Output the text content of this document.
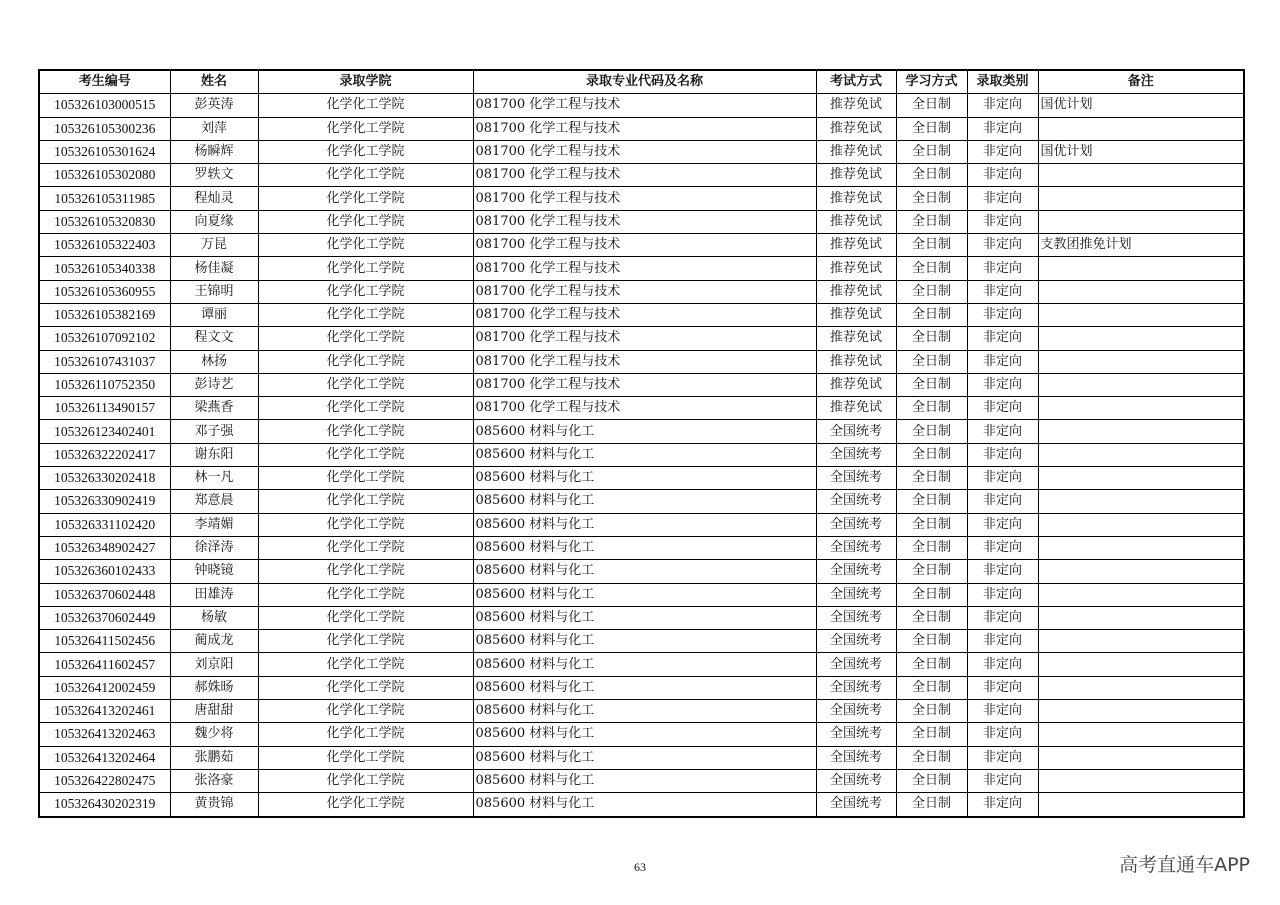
考生编号	姓名	录取学院	录取专业代码及名称	考试方式	学习方式	录取类别	备注
105326103000515	彭英涛	化学化工学院	081700 化学工程与技术	推荐免试	全日制	非定向	国优计划
105326105300236	刘萍	化学化工学院	081700 化学工程与技术	推荐免试	全日制	非定向	
105326105301624	杨瞬辉	化学化工学院	081700 化学工程与技术	推荐免试	全日制	非定向	国优计划
105326105302080	罗轶文	化学化工学院	081700 化学工程与技术	推荐免试	全日制	非定向	
105326105311985	程灿灵	化学化工学院	081700 化学工程与技术	推荐免试	全日制	非定向	
105326105320830	向夏缘	化学化工学院	081700 化学工程与技术	推荐免试	全日制	非定向	
105326105322403	万昆	化学化工学院	081700 化学工程与技术	推荐免试	全日制	非定向	支教团推免计划
105326105340338	杨佳凝	化学化工学院	081700 化学工程与技术	推荐免试	全日制	非定向	
105326105360955	王锦明	化学化工学院	081700 化学工程与技术	推荐免试	全日制	非定向	
105326105382169	谭丽	化学化工学院	081700 化学工程与技术	推荐免试	全日制	非定向	
105326107092102	程文文	化学化工学院	081700 化学工程与技术	推荐免试	全日制	非定向	
105326107431037	林扬	化学化工学院	081700 化学工程与技术	推荐免试	全日制	非定向	
105326110752350	彭诗艺	化学化工学院	081700 化学工程与技术	推荐免试	全日制	非定向	
105326113490157	梁燕香	化学化工学院	081700 化学工程与技术	推荐免试	全日制	非定向	
105326123402401	邓子强	化学化工学院	085600 材料与化工	全国统考	全日制	非定向	
105326322202417	谢东阳	化学化工学院	085600 材料与化工	全国统考	全日制	非定向	
105326330202418	林一凡	化学化工学院	085600 材料与化工	全国统考	全日制	非定向	
105326330902419	郑意晨	化学化工学院	085600 材料与化工	全国统考	全日制	非定向	
105326331102420	李靖媚	化学化工学院	085600 材料与化工	全国统考	全日制	非定向	
105326348902427	徐泽涛	化学化工学院	085600 材料与化工	全国统考	全日制	非定向	
105326360102433	钟晓镜	化学化工学院	085600 材料与化工	全国统考	全日制	非定向	
105326370602448	田雄涛	化学化工学院	085600 材料与化工	全国统考	全日制	非定向	
105326370602449	杨敏	化学化工学院	085600 材料与化工	全国统考	全日制	非定向	
105326411502456	蔺成龙	化学化工学院	085600 材料与化工	全国统考	全日制	非定向	
105326411602457	刘京阳	化学化工学院	085600 材料与化工	全国统考	全日制	非定向	
105326412002459	郝姝旸	化学化工学院	085600 材料与化工	全国统考	全日制	非定向	
105326413202461	唐甜甜	化学化工学院	085600 材料与化工	全国统考	全日制	非定向	
105326413202463	魏少将	化学化工学院	085600 材料与化工	全国统考	全日制	非定向	
105326413202464	张鹏茹	化学化工学院	085600 材料与化工	全国统考	全日制	非定向	
105326422802475	张洛豪	化学化工学院	085600 材料与化工	全国统考	全日制	非定向	
105326430202319	黄贵锦	化学化工学院	085600 材料与化工	全国统考	全日制	非定向	
63	高考直通车APP
